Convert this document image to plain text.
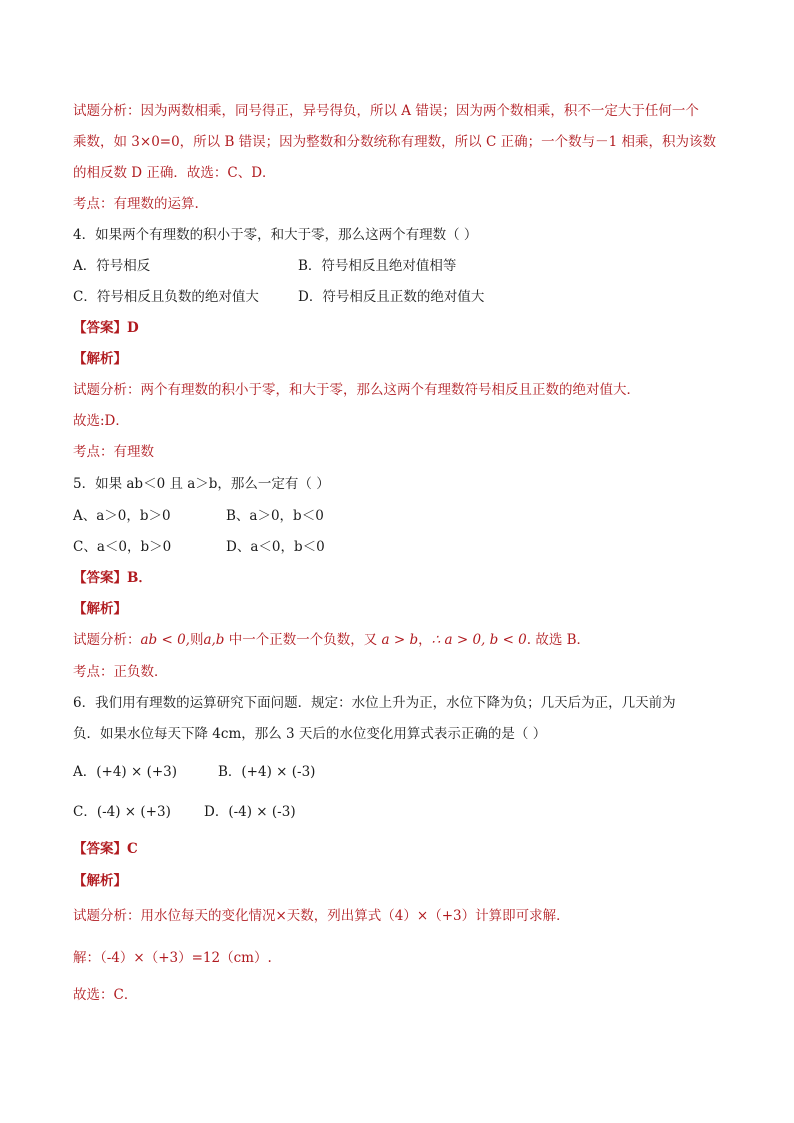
试题分析：因为两数相乘，同号得正，异号得负，所以 A 错误；因为两个数相乘，积不一定大于任何一个
乘数，如 3×0=0，所以 B 错误；因为整数和分数统称有理数，所以 C 正确；一个数与－1 相乘，积为该数
的相反数 D 正确．故选：C、D．
考点：有理数的运算.
4．如果两个有理数的积小于零，和大于零，那么这两个有理数（ ）
A．符号相反	B．符号相反且绝对值相等
C．符号相反且负数的绝对值大	D．符号相反且正数的绝对值大
【答案】D
【解析】
试题分析：两个有理数的积小于零，和大于零，那么这两个有理数符号相反且正数的绝对值大．
故选:D．
考点：有理数
5．如果 ab＜0 且 a＞b，那么一定有（ ）
A、a＞0，b＞0	B、a＞0，b＜0
C、a＜0，b＞0	D、a＜0，b＜0
【答案】B．
【解析】
试题分析：ab < 0,则a,b 中一个正数一个负数，又 a > b，∴ a > 0, b < 0. 故选 B．
考点：正负数．
6．我们用有理数的运算研究下面问题．规定：水位上升为正，水位下降为负；几天后为正，几天前为
负．如果水位每天下降 4cm，那么 3 天后的水位变化用算式表示正确的是（ ）
A．(+4) × (+3)	B．(+4) × (-3)
C．(-4) × (+3) D．(-4) × (-3)
【答案】C
【解析】
试题分析：用水位每天的变化情况×天数，列出算式（4）×（+3）计算即可求解．
解：（-4）×（+3）=12（cm）.
故选：C．
